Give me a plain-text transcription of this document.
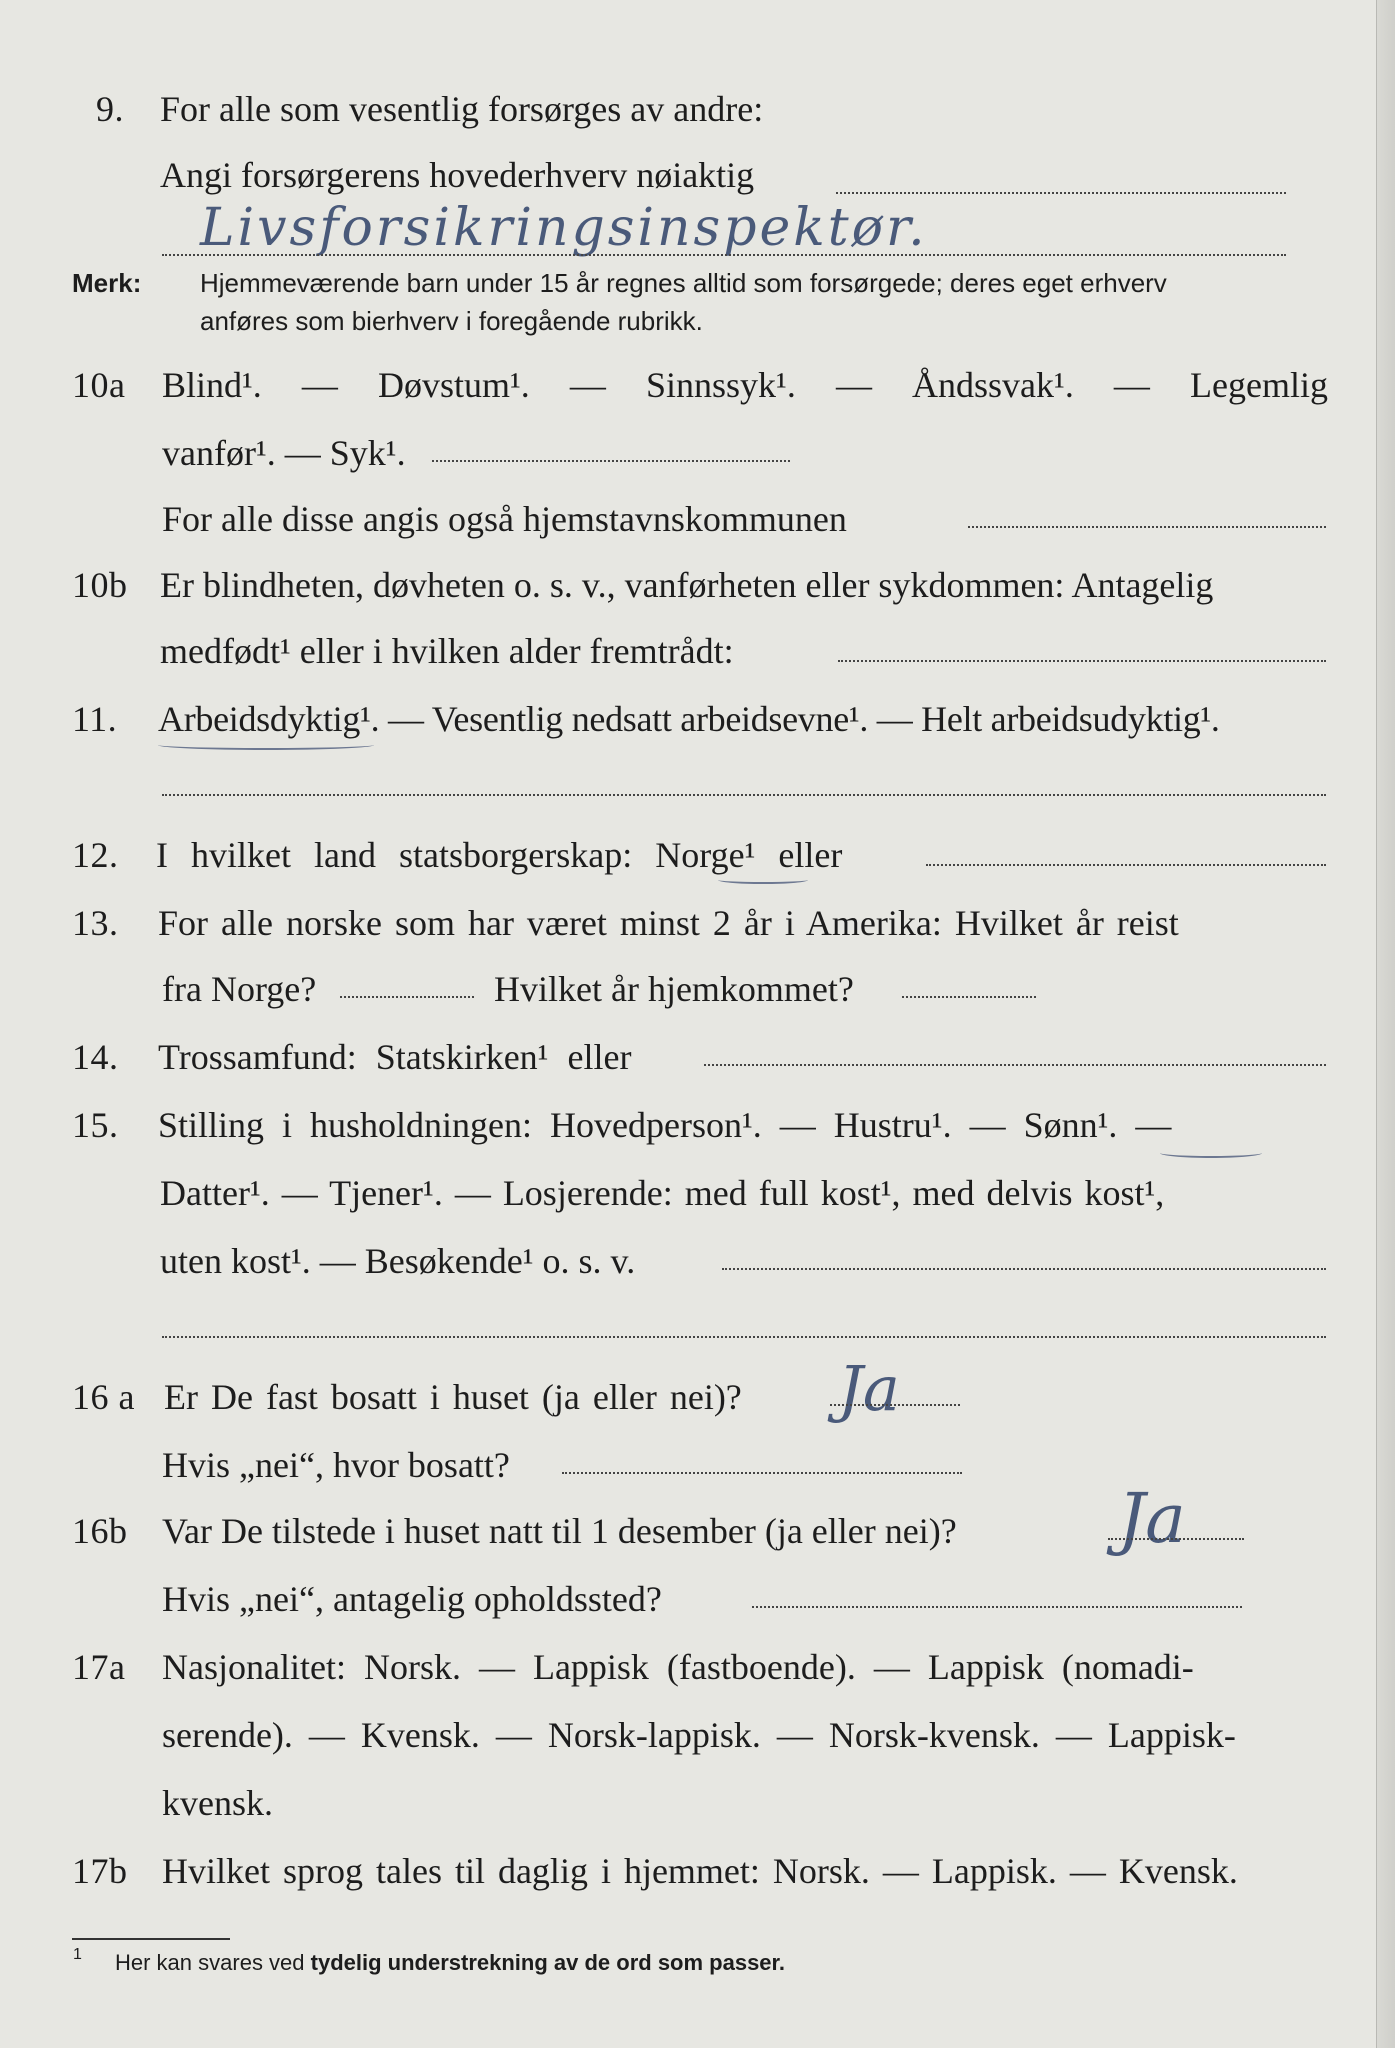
9. For alle som vesentlig forsørges av andre:
Angi forsørgerens hovederhverv nøiaktig
Livsforsikringsinspektør.
Merk: Hjemmeværende barn under 15 år regnes alltid som forsørgede; deres eget erhverv
anføres som bierhverv i foregående rubrikk.
10a Blind¹. — Døvstum¹. — Sinnssyk¹. — Åndssvak¹. — Legemlig
vanfør¹. — Syk¹.
For alle disse angis også hjemstavnskommunen
10b Er blindheten, døvheten o. s. v., vanførheten eller sykdommen: Antagelig
medfødt¹ eller i hvilken alder fremtrådt:
11. Arbeidsdyktig¹. — Vesentlig nedsatt arbeidsevne¹. — Helt arbeidsudyktig¹.
12. I hvilket land statsborgerskap: Norge¹ eller
13. For alle norske som har været minst 2 år i Amerika: Hvilket år reist
fra Norge?	Hvilket år hjemkommet?
14. Trossamfund: Statskirken¹ eller
15. Stilling i husholdningen: Hovedperson¹. — Hustru¹. — Sønn¹. —
Datter¹. — Tjener¹. — Losjerende: med full kost¹, med delvis kost¹,
uten kost¹. — Besøkende¹ o. s. v.
16 a Er De fast bosatt i huset (ja eller nei)? Ja
Hvis „nei“, hvor bosatt?
16b Var De tilstede i huset natt til 1 desember (ja eller nei)? Ja
Hvis „nei“, antagelig opholdssted?
17a Nasjonalitet: Norsk. — Lappisk (fastboende). — Lappisk (nomadi-
serende). — Kvensk. — Norsk-lappisk. — Norsk-kvensk. — Lappisk-
kvensk.
17b Hvilket sprog tales til daglig i hjemmet: Norsk. — Lappisk. — Kvensk.
1 Her kan svares ved tydelig understrekning av de ord som passer.
